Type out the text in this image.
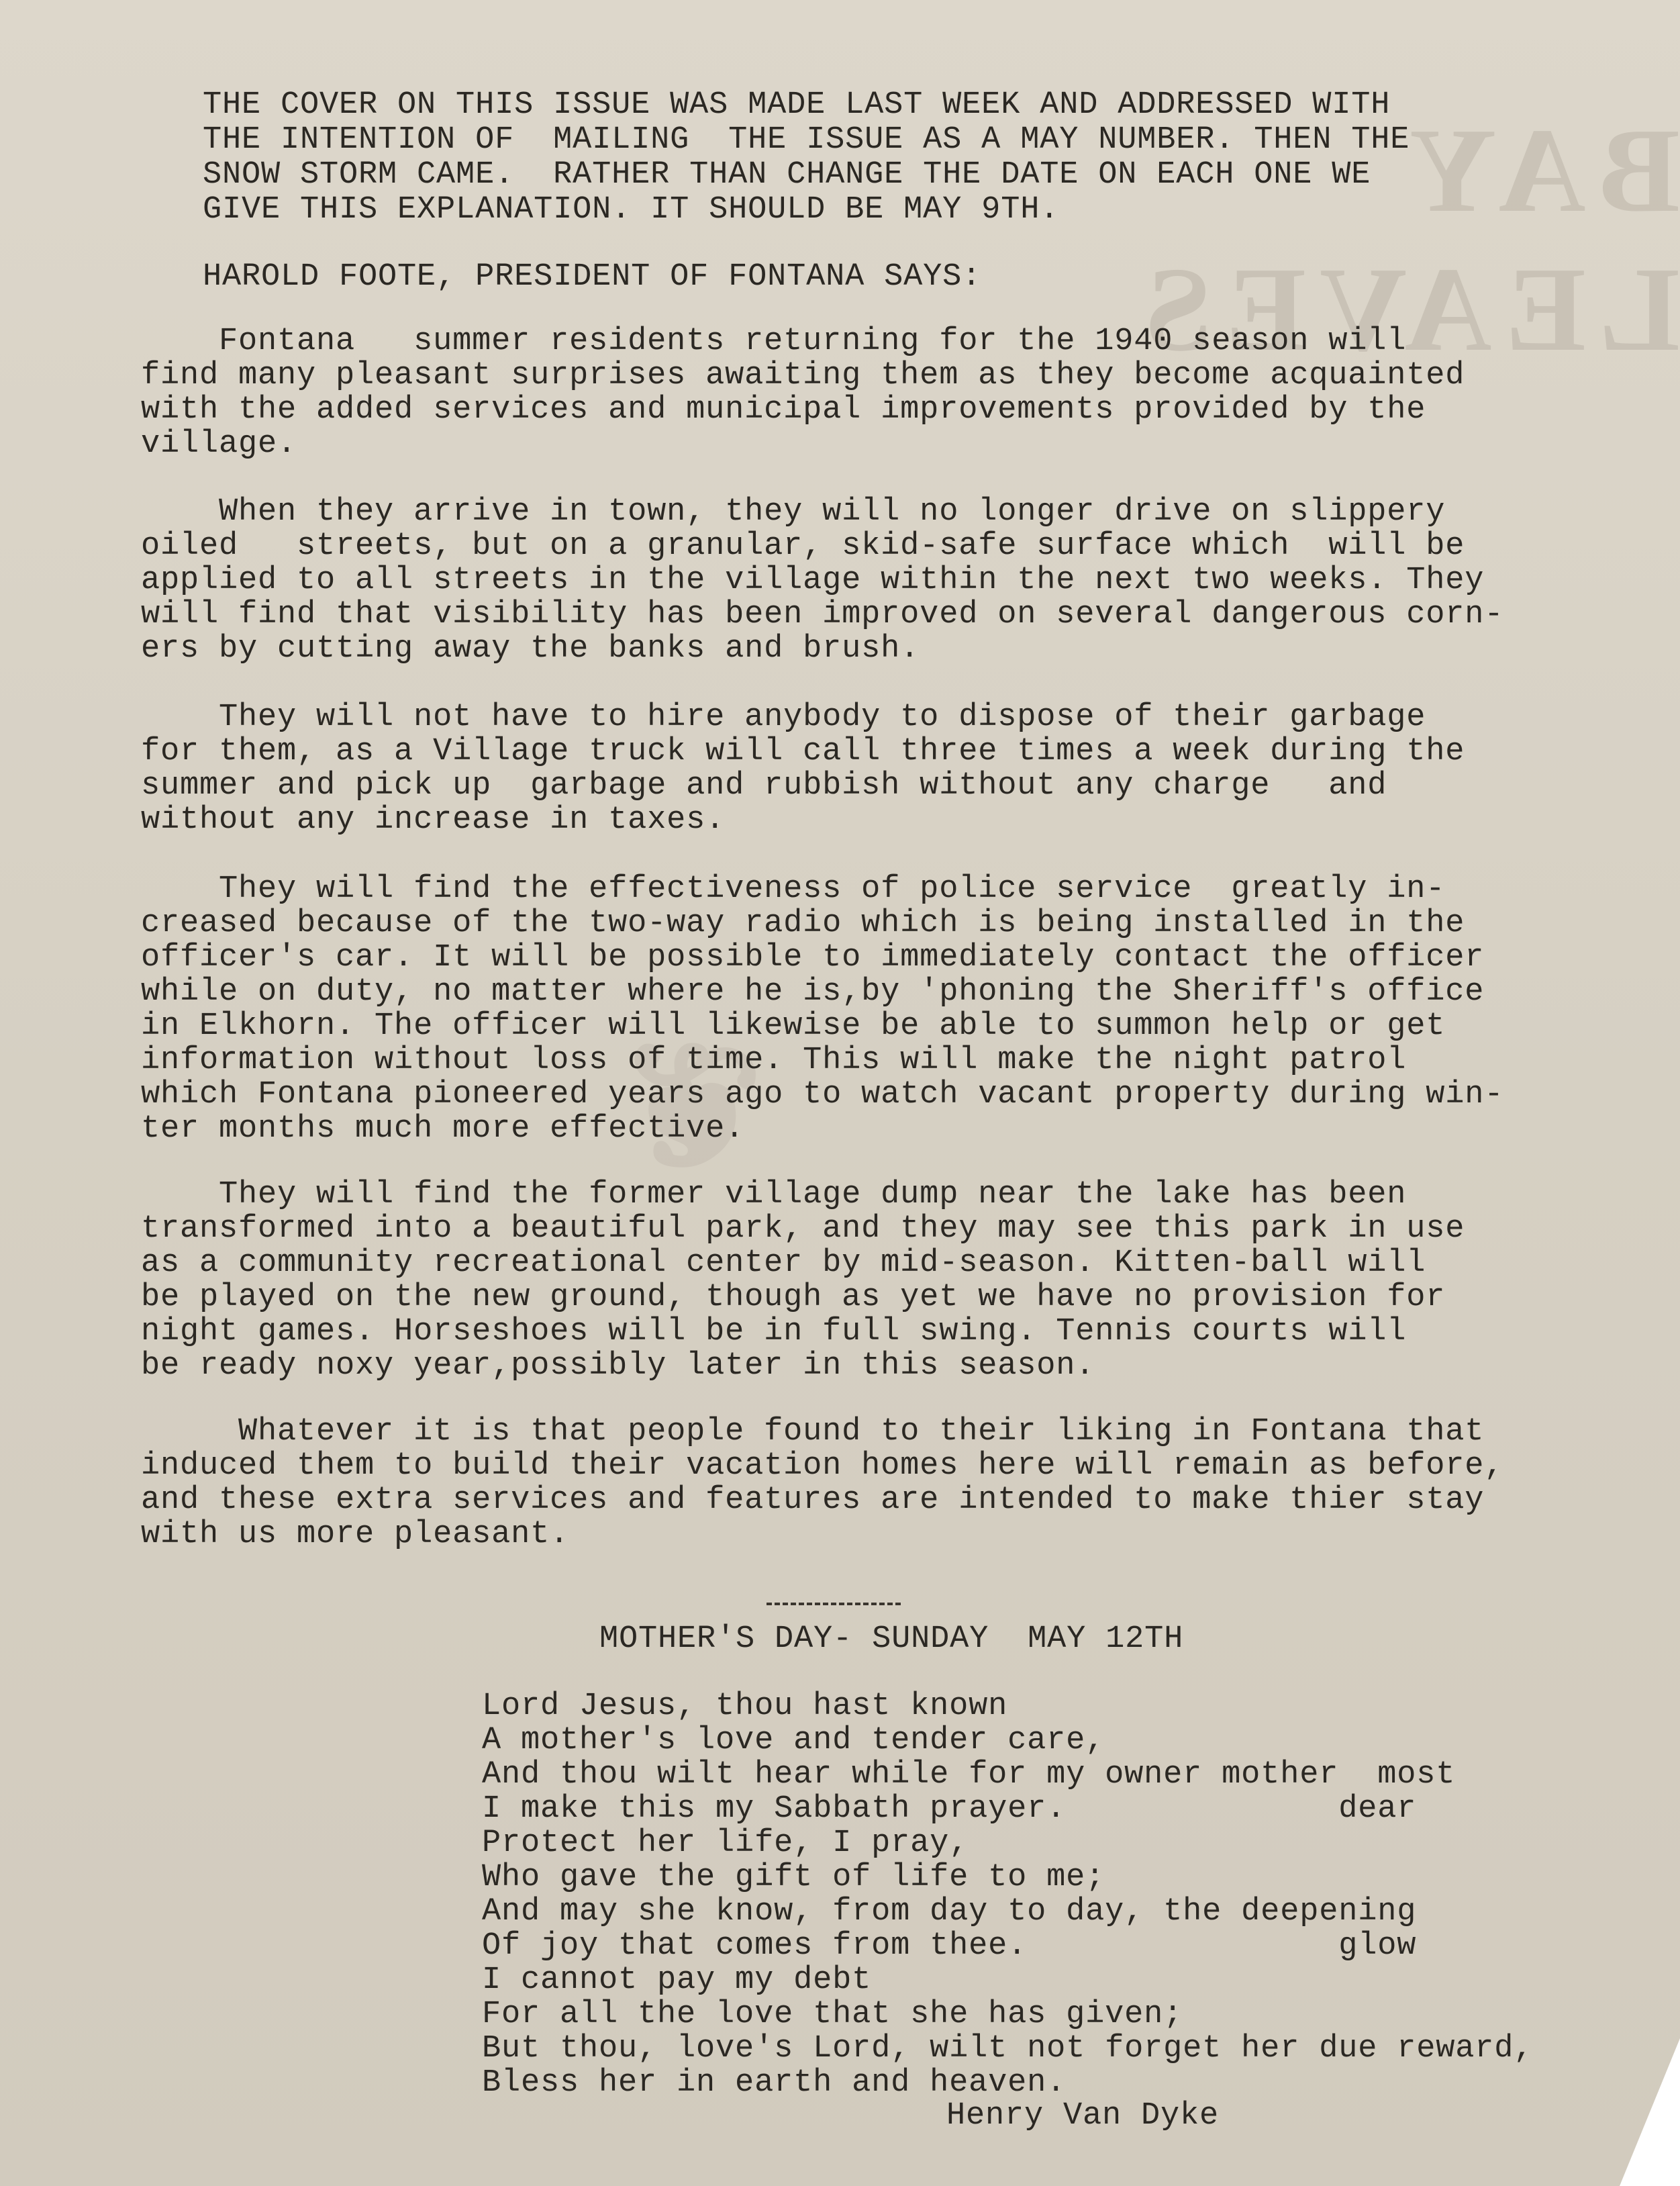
BAY LEAVES
❦
THE COVER ON THIS ISSUE WAS MADE LAST WEEK AND ADDRESSED WITH
THE INTENTION OF  MAILING  THE ISSUE AS A MAY NUMBER. THEN THE
SNOW STORM CAME.  RATHER THAN CHANGE THE DATE ON EACH ONE WE
GIVE THIS EXPLANATION. IT SHOULD BE MAY 9TH.
HAROLD FOOTE, PRESIDENT OF FONTANA SAYS:
Fontana   summer residents returning for the 1940 season will
find many pleasant surprises awaiting them as they become acquainted
with the added services and municipal improvements provided by the
village.
When they arrive in town, they will no longer drive on slippery
oiled   streets, but on a granular, skid-safe surface which  will be
applied to all streets in the village within the next two weeks. They
will find that visibility has been improved on several dangerous corn-
ers by cutting away the banks and brush.
They will not have to hire anybody to dispose of their garbage
for them, as a Village truck will call three times a week during the
summer and pick up  garbage and rubbish without any charge   and
without any increase in taxes.
They will find the effectiveness of police service  greatly in-
creased because of the two-way radio which is being installed in the
officer's car. It will be possible to immediately contact the officer
while on duty, no matter where he is,by 'phoning the Sheriff's office
in Elkhorn. The officer will likewise be able to summon help or get
information without loss of time. This will make the night patrol
which Fontana pioneered years ago to watch vacant property during win-
ter months much more effective.
They will find the former village dump near the lake has been
transformed into a beautiful park, and they may see this park in use
as a community recreational center by mid-season. Kitten-ball will
be played on the new ground, though as yet we have no provision for
night games. Horseshoes will be in full swing. Tennis courts will
be ready noxy year,possibly later in this season.
Whatever it is that people found to their liking in Fontana that
induced them to build their vacation homes here will remain as before,
and these extra services and features are intended to make thier stay
with us more pleasant.
MOTHER'S DAY- SUNDAY  MAY 12TH
Lord Jesus, thou hast known
A mother's love and tender care,
And thou wilt hear while for my owner mother  most
I make this my Sabbath prayer.              dear
Protect her life, I pray,
Who gave the gift of life to me;
And may she know, from day to day, the deepening
Of joy that comes from thee.                glow
I cannot pay my debt
For all the love that she has given;
But thou, love's Lord, wilt not forget her due reward,
Bless her in earth and heaven.
Henry Van Dyke
